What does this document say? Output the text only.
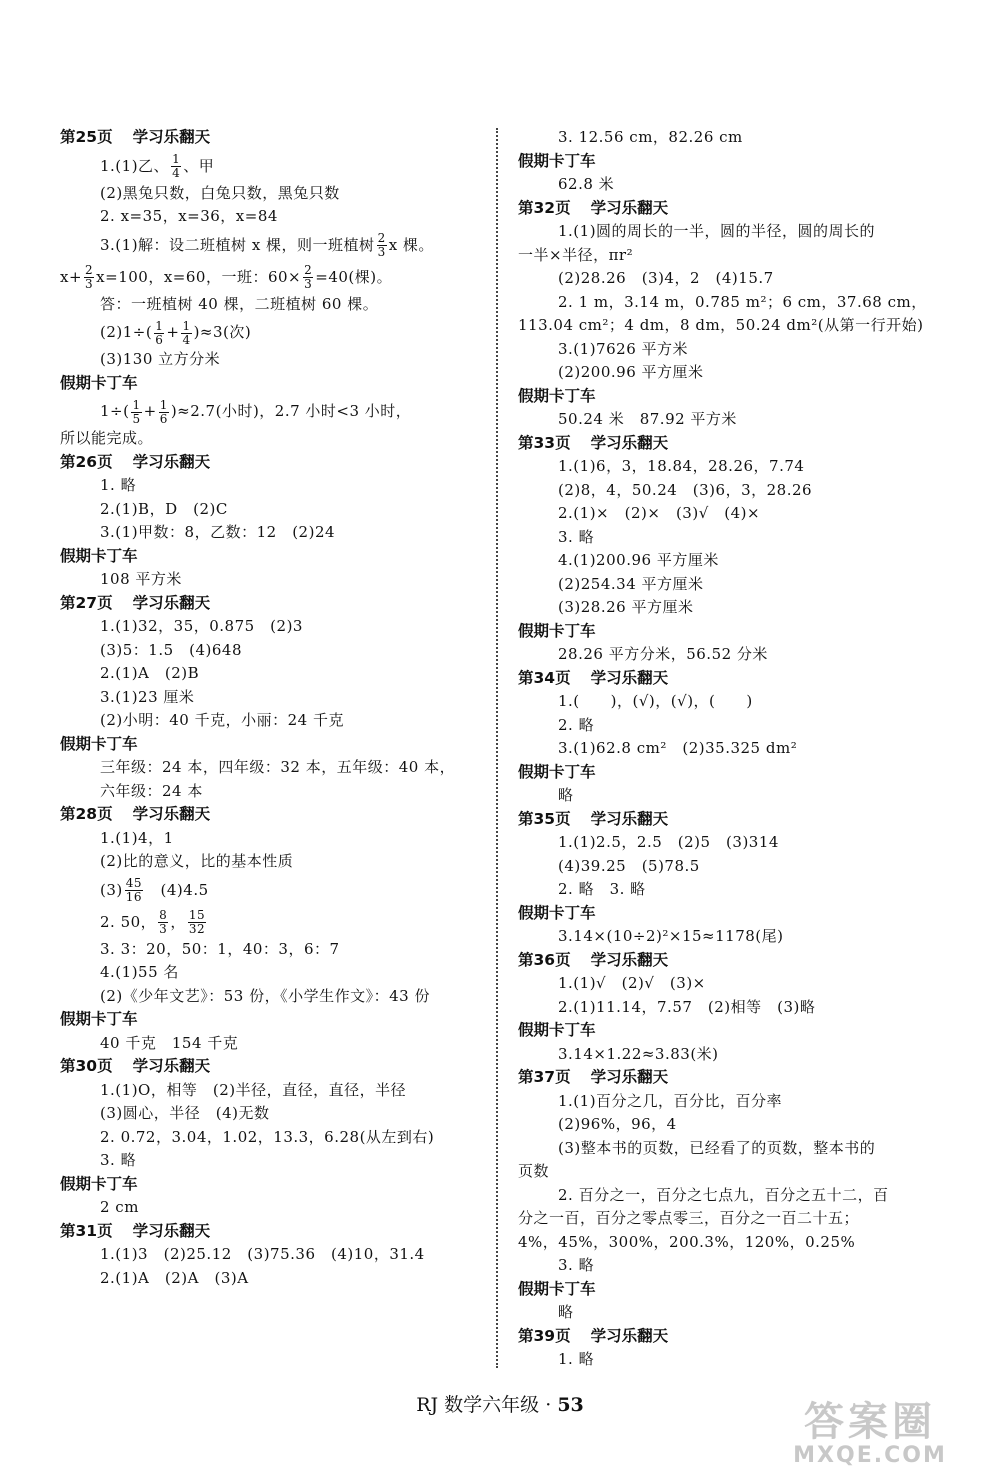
第25页 学习乐翻天
1.(1)乙、 $\frac{1}{4}$ 、甲
(2)黑兔只数，白兔只数，黑兔只数
2. x=35，x=36，x=84
3.(1)解：设二班植树 x 棵，则一班植树 $\frac{2}{3}$ x 棵。
$x+ \frac{2}{3} x=100$，x=60，一班：$60\times \frac{2}{3} =40$(棵)。
答：一班植树 40 棵，二班植树 60 棵。
$(2)1\div( \frac{1}{6} + \frac{1}{4} )\approx 3$(次)
(3)130 立方分米
假期卡丁车
$1\div( \frac{1}{5} + \frac{1}{6} )\approx 2.7$(小时)，2.7 小时<3 小时，
所以能完成。
第26页 学习乐翻天
1. 略
2.(1)B，D　(2)C
3.(1)甲数：8，乙数：12　(2)24
假期卡丁车
108 平方米
第27页 学习乐翻天
1.(1)32，35，0.875　(2)3
(3)5：1.5　(4)648
2.(1)A　(2)B
3.(1)23 厘米
(2)小明：40 千克，小丽：24 千克
假期卡丁车
三年级：24 本，四年级：32 本，五年级：40 本，
六年级：24 本
第28页 学习乐翻天
1.(1)4，1
(2)比的意义，比的基本性质
$(3) \frac{45}{16}$ 　(4)4.5
2. 50， $\frac{8}{3}$ ， $\frac{15}{32}$
3. 3：20，50：1，40：3，6：7
4.(1)55 名
(2)《少年文艺》：53 份，《小学生作文》：43 份
假期卡丁车
40 千克　154 千克
第30页 学习乐翻天
1.(1)O，相等　(2)半径，直径，直径，半径
(3)圆心，半径　(4)无数
2. 0.72，3.04，1.02，13.3，6.28(从左到右)
3. 略
假期卡丁车
2 cm
第31页 学习乐翻天
1.(1)3　(2)25.12　(3)75.36　(4)10，31.4
2.(1)A　(2)A　(3)A
3. 12.56 cm，82.26 cm
假期卡丁车
62.8 米
第32页 学习乐翻天
1.(1)圆的周长的一半，圆的半径，圆的周长的
一半×半径，πr²
(2)28.26　(3)4，2　(4)15.7
2. 1 m，3.14 m，0.785 m²；6 cm，37.68 cm，
113.04 cm²；4 dm，8 dm，50.24 dm²(从第一行开始)
3.(1)7626 平方米
(2)200.96 平方厘米
假期卡丁车
50.24 米　87.92 平方米
第33页 学习乐翻天
1.(1)6，3，18.84，28.26，7.74
(2)8，4，50.24　(3)6，3，28.26
2.(1)×　(2)×　(3)√　(4)×
3. 略
4.(1)200.96 平方厘米
(2)254.34 平方厘米
(3)28.26 平方厘米
假期卡丁车
28.26 平方分米，56.52 分米
第34页 学习乐翻天
1.(　　)，(√)，(√)，(　　)
2. 略
3.(1)62.8 cm²　(2)35.325 dm²
假期卡丁车
略
第35页 学习乐翻天
1.(1)2.5，2.5　(2)5　(3)314
(4)39.25　(5)78.5
2. 略　3. 略
假期卡丁车
3.14×(10÷2)²×15≈1178(尾)
第36页 学习乐翻天
1.(1)√　(2)√　(3)×
2.(1)11.14，7.57　(2)相等　(3)略
假期卡丁车
3.14×1.22≈3.83(米)
第37页 学习乐翻天
1.(1)百分之几，百分比，百分率
(2)96%，96，4
(3)整本书的页数，已经看了的页数，整本书的
页数
2. 百分之一，百分之七点九，百分之五十二，百
分之一百，百分之零点零三，百分之一百二十五；
4%，45%，300%，200.3%，120%，0.25%
3. 略
假期卡丁车
略
第39页 学习乐翻天
1. 略
RJ 数学六年级 · 53	答案圈
MXQE.COM
